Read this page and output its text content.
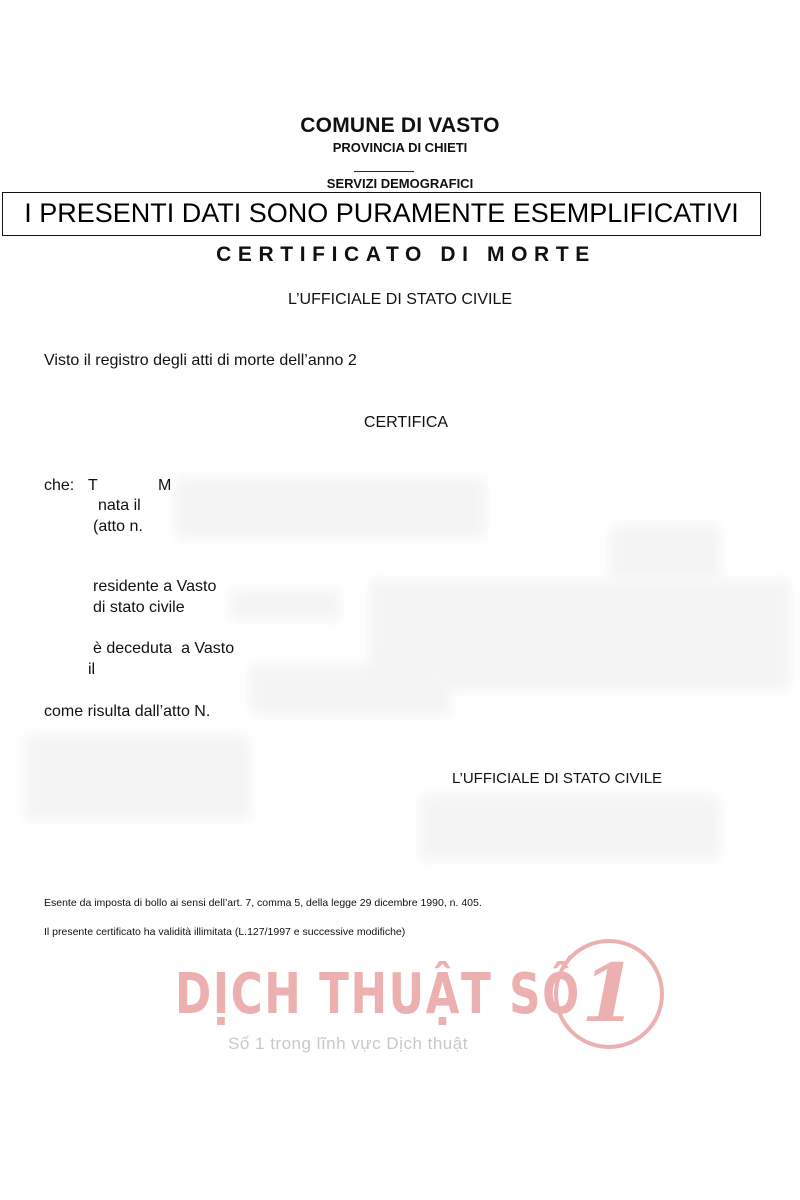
COMUNE DI VASTO
PROVINCIA DI CHIETI
SERVIZI DEMOGRAFICI
I PRESENTI DATI SONO PURAMENTE ESEMPLIFICATIVI
CERTIFICATO DI MORTE
L’UFFICIALE DI STATO CIVILE
Visto il registro degli atti di morte dell’anno 2
CERTIFICA
che: T	M
nata il
(atto n.
residente a Vasto
di stato civile
è deceduta  a Vasto
il
come risulta dall’atto N.
L’UFFICIALE DI STATO CIVILE
Esente da imposta di bollo ai sensi dell’art. 7, comma 5, della legge 29 dicembre 1990, n. 405.
Il presente certificato ha validità illimitata (L.127/1997 e successive modifiche)
DỊCH THUẬT SỐ 1
Số 1 trong lĩnh vực Dịch thuật
